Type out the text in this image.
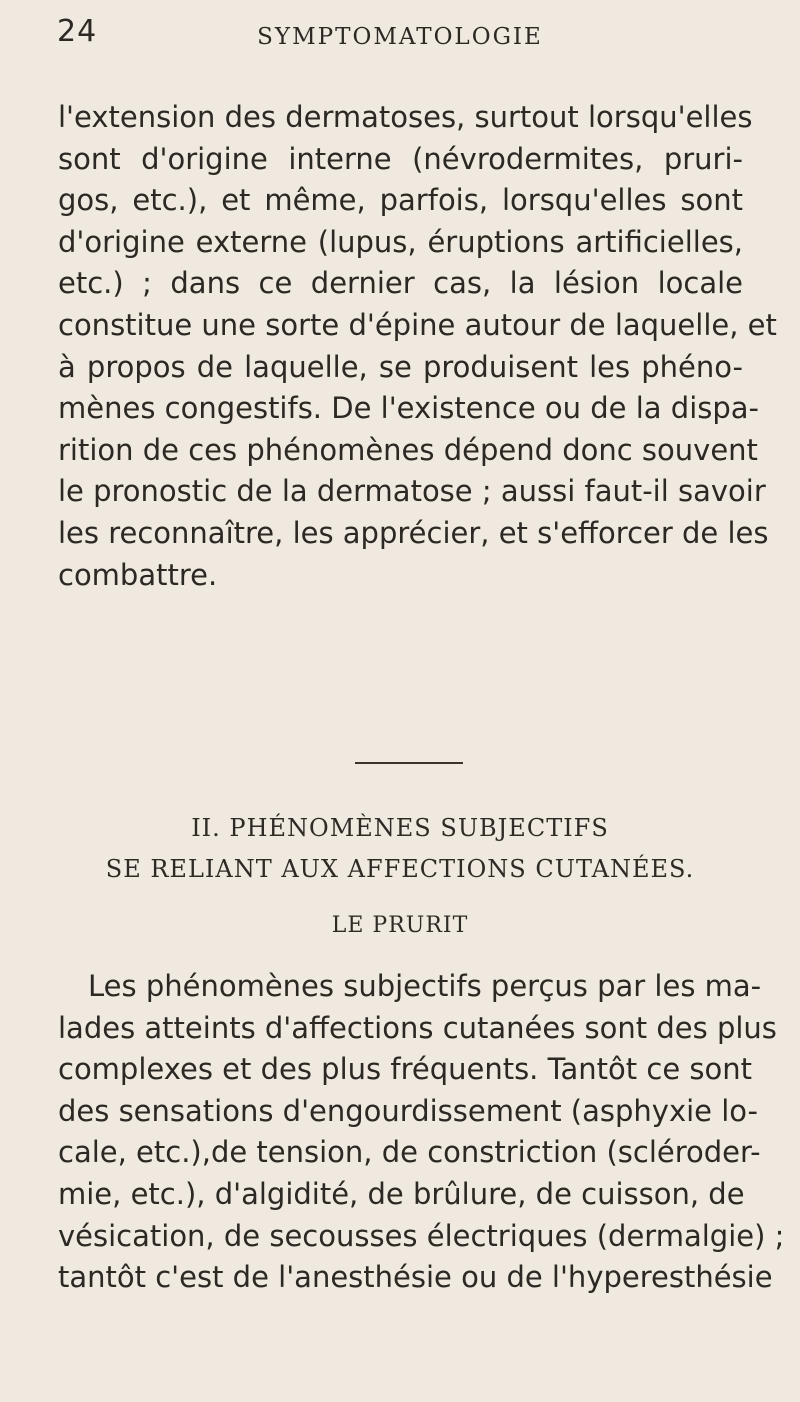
24	SYMPTOMATOLOGIE
l'extension des dermatoses, surtout lorsqu'elles
sont d'origine interne (névrodermites, pruri-
gos, etc.), et même, parfois, lorsqu'elles sont
d'origine externe (lupus, éruptions artificielles,
etc.) ; dans ce dernier cas, la lésion locale
constitue une sorte d'épine autour de laquelle, et
à propos de laquelle, se produisent les phéno-
mènes congestifs. De l'existence ou de la dispa-
rition de ces phénomènes dépend donc souvent
le pronostic de la dermatose ; aussi faut-il savoir
les reconnaître, les apprécier, et s'efforcer de les
combattre.
II. PHÉNOMÈNES SUBJECTIFS
SE RELIANT AUX AFFECTIONS CUTANÉES.
LE PRURIT
Les phénomènes subjectifs perçus par les ma-
lades atteints d'affections cutanées sont des plus
complexes et des plus fréquents. Tantôt ce sont
des sensations d'engourdissement (asphyxie lo-
cale, etc.),de tension, de constriction (scléroder-
mie, etc.), d'algidité, de brûlure, de cuisson, de
vésication, de secousses électriques (dermalgie) ;
tantôt c'est de l'anesthésie ou de l'hyperesthésie
